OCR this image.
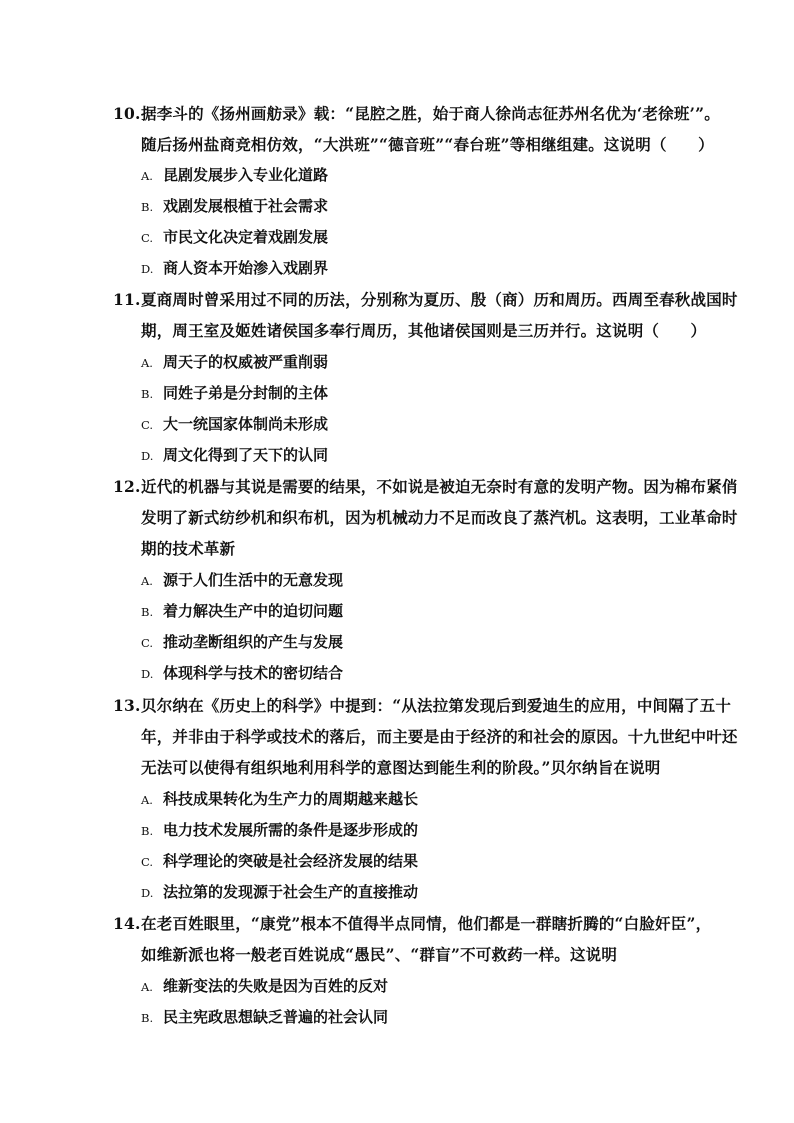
10.据李斗的《扬州画舫录》载：“昆腔之胜，始于商人徐尚志征苏州名优为‘老徐班’”。
随后扬州盐商竞相仿效，“大洪班”“德音班”“春台班”等相继组建。这说明（　　）
A. 昆剧发展步入专业化道路
B. 戏剧发展根植于社会需求
C. 市民文化决定着戏剧发展
D. 商人资本开始渗入戏剧界
11.夏商周时曾采用过不同的历法，分别称为夏历、殷（商）历和周历。西周至春秋战国时
期，周王室及姬姓诸侯国多奉行周历，其他诸侯国则是三历并行。这说明（　　）
A. 周天子的权威被严重削弱
B. 同姓子弟是分封制的主体
C. 大一统国家体制尚未形成
D. 周文化得到了天下的认同
12.近代的机器与其说是需要的结果，不如说是被迫无奈时有意的发明产物。因为棉布紧俏
发明了新式纺纱机和织布机，因为机械动力不足而改良了蒸汽机。这表明，工业革命时
期的技术革新
A. 源于人们生活中的无意发现
B. 着力解决生产中的迫切问题
C. 推动垄断组织的产生与发展
D. 体现科学与技术的密切结合
13.贝尔纳在《历史上的科学》中提到：“从法拉第发现后到爱迪生的应用，中间隔了五十
年，并非由于科学或技术的落后，而主要是由于经济的和社会的原因。十九世纪中叶还
无法可以使得有组织地利用科学的意图达到能生利的阶段。”贝尔纳旨在说明
A. 科技成果转化为生产力的周期越来越长
B. 电力技术发展所需的条件是逐步形成的
C. 科学理论的突破是社会经济发展的结果
D. 法拉第的发现源于社会生产的直接推动
14.在老百姓眼里，“康党”根本不值得半点同情，他们都是一群瞎折腾的“白脸奸臣”，
如维新派也将一般老百姓说成“愚民”、“群盲”不可救药一样。这说明
A. 维新变法的失败是因为百姓的反对
B. 民主宪政思想缺乏普遍的社会认同
